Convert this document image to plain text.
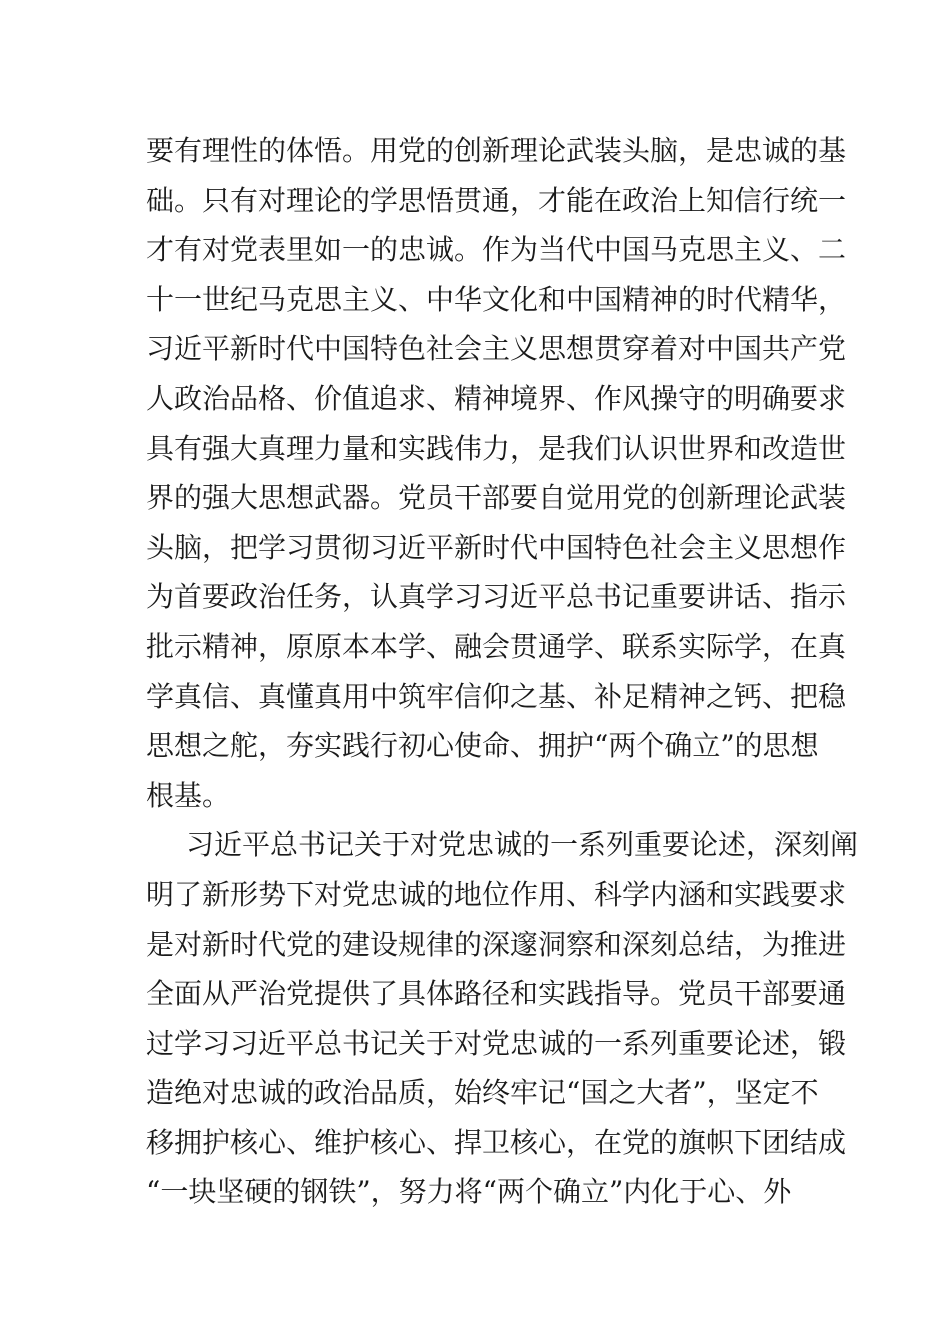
要有理性的体悟。用党的创新理论武装头脑，是忠诚的基
础。只有对理论的学思悟贯通，才能在政治上知信行统一
才有对党表里如一的忠诚。作为当代中国马克思主义、二
十一世纪马克思主义、中华文化和中国精神的时代精华，
习近平新时代中国特色社会主义思想贯穿着对中国共产党
人政治品格、价值追求、精神境界、作风操守的明确要求
具有强大真理力量和实践伟力，是我们认识世界和改造世
界的强大思想武器。党员干部要自觉用党的创新理论武装
头脑，把学习贯彻习近平新时代中国特色社会主义思想作
为首要政治任务，认真学习习近平总书记重要讲话、指示
批示精神，原原本本学、融会贯通学、联系实际学，在真
学真信、真懂真用中筑牢信仰之基、补足精神之钙、把稳
思想之舵，夯实践行初心使命、拥护“两个确立”的思想
根基。
习近平总书记关于对党忠诚的一系列重要论述，深刻阐
明了新形势下对党忠诚的地位作用、科学内涵和实践要求
是对新时代党的建设规律的深邃洞察和深刻总结，为推进
全面从严治党提供了具体路径和实践指导。党员干部要通
过学习习近平总书记关于对党忠诚的一系列重要论述，锻
造绝对忠诚的政治品质，始终牢记“国之大者”，坚定不
移拥护核心、维护核心、捍卫核心，在党的旗帜下团结成
“一块坚硬的钢铁”，努力将“两个确立”内化于心、外
